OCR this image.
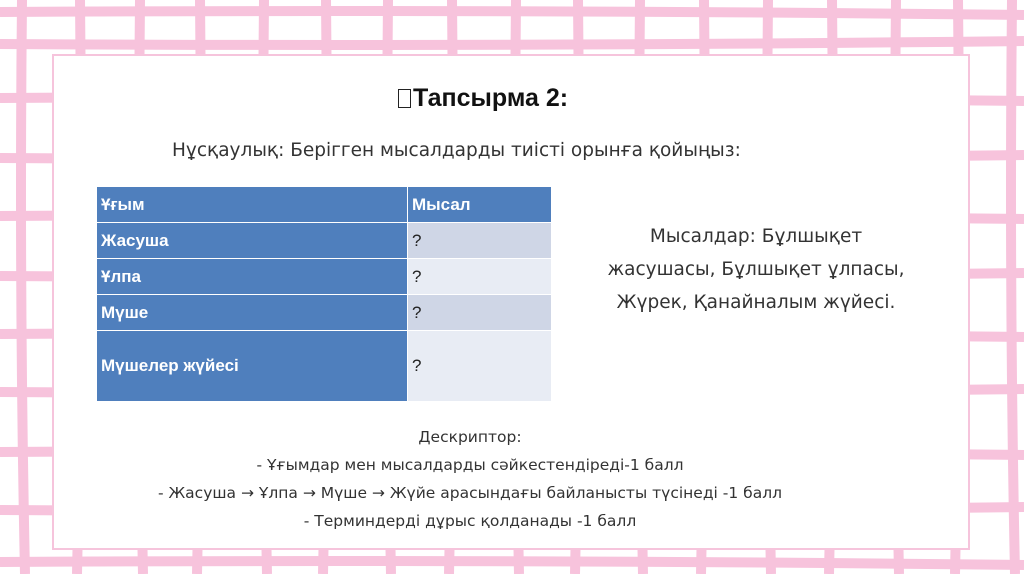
Тапсырма 2:
Нұсқаулық: Берігген мысалдарды тиісті орынға қойыңыз:
Ұғым	Мысал
Жасуша	?
Ұлпа	?
Мүше	?
Мүшелер жүйесі	?
Мысалдар: Бұлшықет
жасушасы, Бұлшықет ұлпасы,
Жүрек, Қанайналым жүйесі.
Дескриптор:
- Ұғымдар мен мысалдарды сәйкестендіреді-1 балл
- Жасуша → Ұлпа → Мүше → Жүйе арасындағы байланысты түсінеді -1 балл
- Терминдерді дұрыс қолданады -1 балл
